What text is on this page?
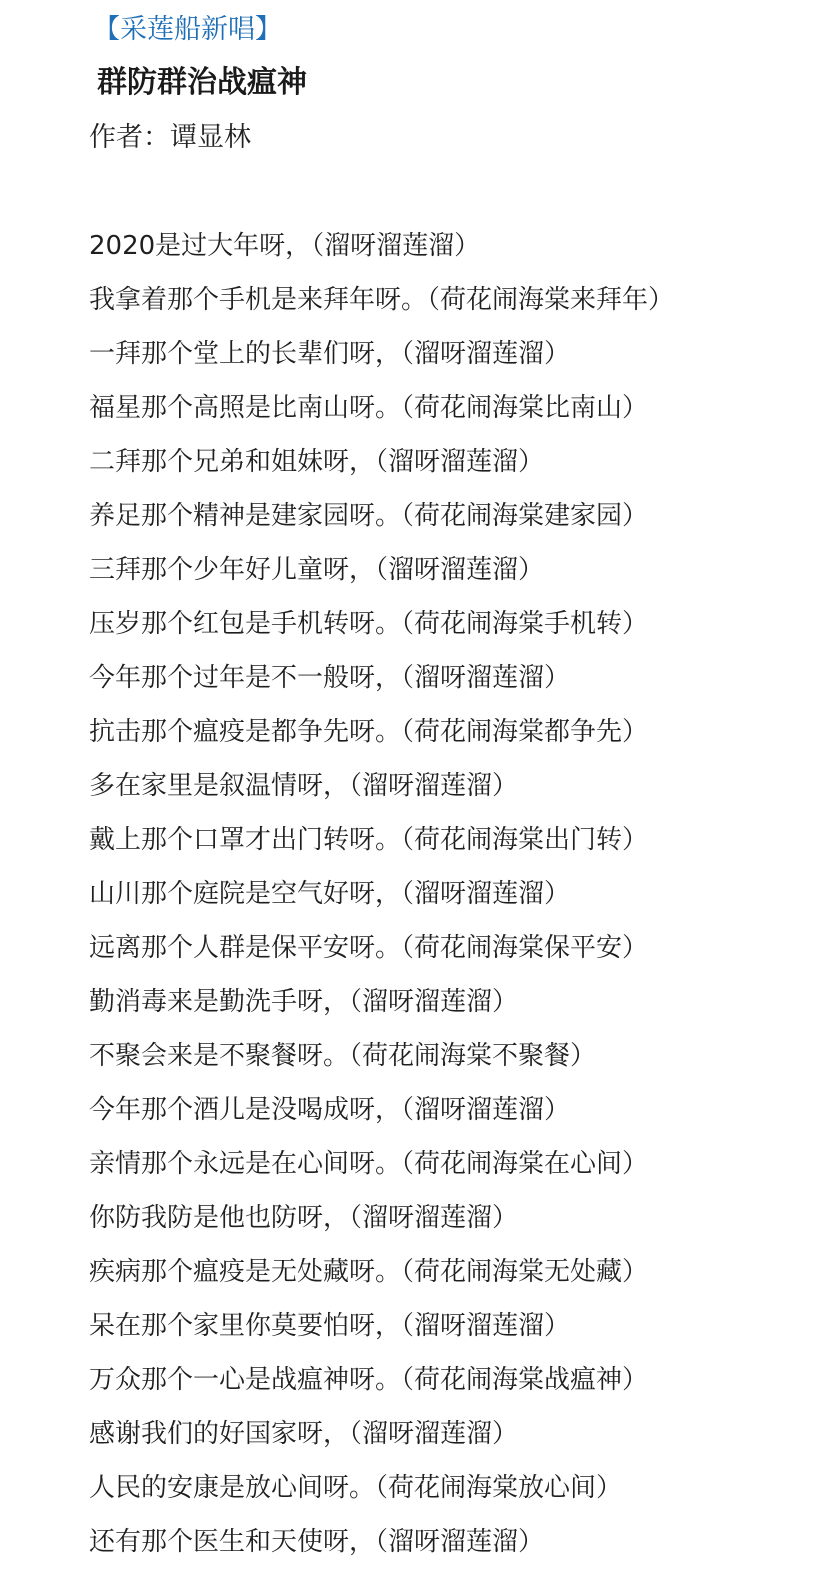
【采莲船新唱】
群防群治战瘟神
作者：谭显林
2020是过大年呀，（溜呀溜莲溜）
我拿着那个手机是来拜年呀。（荷花闹海棠来拜年）
一拜那个堂上的长辈们呀，（溜呀溜莲溜）
福星那个高照是比南山呀。（荷花闹海棠比南山）
二拜那个兄弟和姐妹呀，（溜呀溜莲溜）
养足那个精神是建家园呀。（荷花闹海棠建家园）
三拜那个少年好儿童呀，（溜呀溜莲溜）
压岁那个红包是手机转呀。（荷花闹海棠手机转）
今年那个过年是不一般呀，（溜呀溜莲溜）
抗击那个瘟疫是都争先呀。（荷花闹海棠都争先）
多在家里是叙温情呀，（溜呀溜莲溜）
戴上那个口罩才出门转呀。（荷花闹海棠出门转）
山川那个庭院是空气好呀，（溜呀溜莲溜）
远离那个人群是保平安呀。（荷花闹海棠保平安）
勤消毒来是勤洗手呀，（溜呀溜莲溜）
不聚会来是不聚餐呀。（荷花闹海棠不聚餐）
今年那个酒儿是没喝成呀，（溜呀溜莲溜）
亲情那个永远是在心间呀。（荷花闹海棠在心间）
你防我防是他也防呀，（溜呀溜莲溜）
疾病那个瘟疫是无处藏呀。（荷花闹海棠无处藏）
呆在那个家里你莫要怕呀，（溜呀溜莲溜）
万众那个一心是战瘟神呀。（荷花闹海棠战瘟神）
感谢我们的好国家呀，（溜呀溜莲溜）
人民的安康是放心间呀。（荷花闹海棠放心间）
还有那个医生和天使呀，（溜呀溜莲溜）
